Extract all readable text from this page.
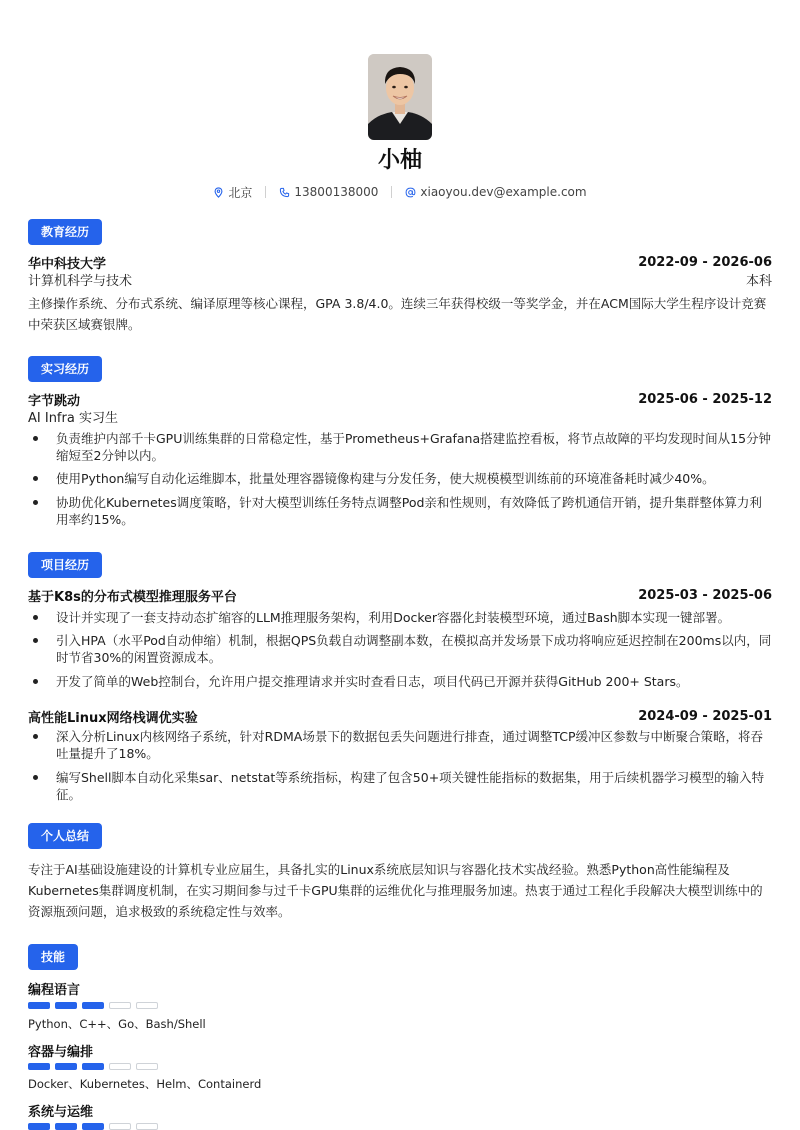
小柚
北京	13800138000	xiaoyou.dev@example.com
教育经历
华中科技大学	2022-09 - 2026-06
计算机科学与技术	本科
主修操作系统、分布式系统、编译原理等核心课程，GPA 3.8/4.0。连续三年获得校级一等奖学金，并在ACM国际大学生程序设计竞赛中荣获区域赛银牌。
实习经历
字节跳动	2025-06 - 2025-12
AI Infra 实习生
负责维护内部千卡GPU训练集群的日常稳定性，基于Prometheus+Grafana搭建监控看板，将节点故障的平均发现时间从15分钟缩短至2分钟以内。
使用Python编写自动化运维脚本，批量处理容器镜像构建与分发任务，使大规模模型训练前的环境准备耗时减少40%。
协助优化Kubernetes调度策略，针对大模型训练任务特点调整Pod亲和性规则，有效降低了跨机通信开销，提升集群整体算力利用率约15%。
项目经历
基于K8s的分布式模型推理服务平台	2025-03 - 2025-06
设计并实现了一套支持动态扩缩容的LLM推理服务架构，利用Docker容器化封装模型环境，通过Bash脚本实现一键部署。
引入HPA（水平Pod自动伸缩）机制，根据QPS负载自动调整副本数，在模拟高并发场景下成功将响应延迟控制在200ms以内，同时节省30%的闲置资源成本。
开发了简单的Web控制台，允许用户提交推理请求并实时查看日志，项目代码已开源并获得GitHub 200+ Stars。
高性能Linux网络栈调优实验	2024-09 - 2025-01
深入分析Linux内核网络子系统，针对RDMA场景下的数据包丢失问题进行排查，通过调整TCP缓冲区参数与中断聚合策略，将吞吐量提升了18%。
编写Shell脚本自动化采集sar、netstat等系统指标，构建了包含50+项关键性能指标的数据集，用于后续机器学习模型的输入特征。
个人总结
专注于AI基础设施建设的计算机专业应届生，具备扎实的Linux系统底层知识与容器化技术实战经验。熟悉Python高性能编程及Kubernetes集群调度机制，在实习期间参与过千卡GPU集群的运维优化与推理服务加速。热衷于通过工程化手段解决大模型训练中的资源瓶颈问题，追求极致的系统稳定性与效率。
技能
编程语言
Python、C++、Go、Bash/Shell
容器与编排
Docker、Kubernetes、Helm、Containerd
系统与运维
